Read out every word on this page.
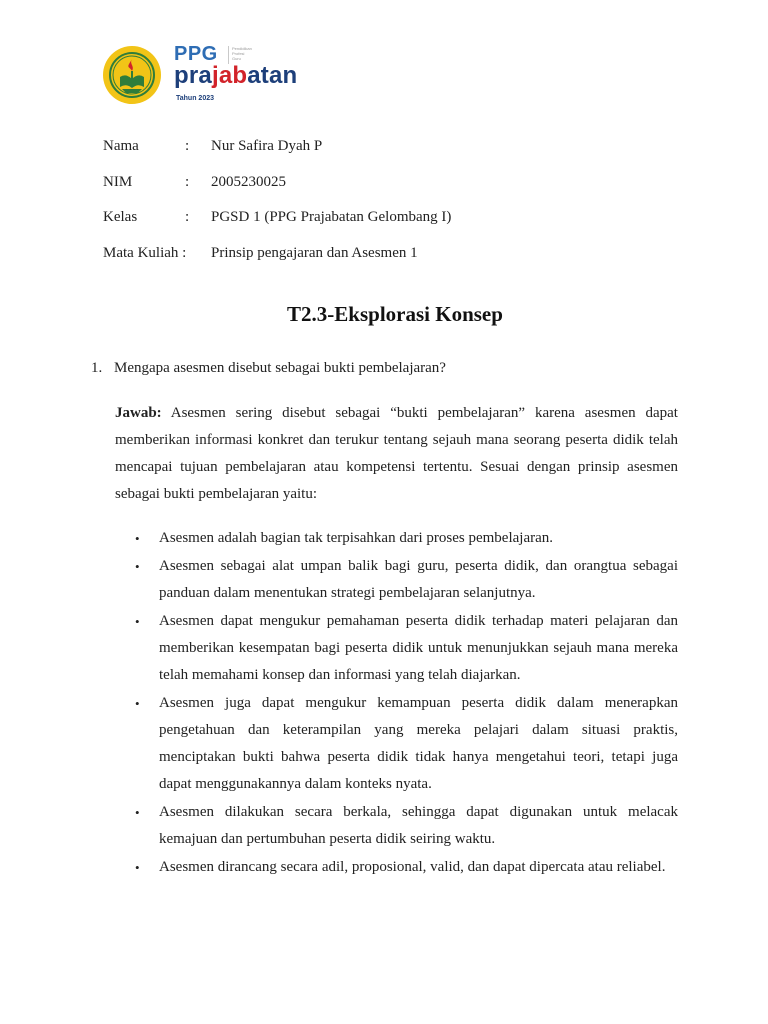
PPG	Pendidikan
Profesi
Guru
prajabatan
Tahun 2023
Nama	: Nur Safira Dyah P
NIM	: 2005230025
Kelas	: PGSD 1 (PPG Prajabatan Gelombang I)
Mata Kuliah : Prinsip pengajaran dan Asesmen 1
T2.3-Eksplorasi Konsep
1. Mengapa asesmen disebut sebagai bukti pembelajaran?
Jawab: Asesmen sering disebut sebagai “bukti pembelajaran” karena asesmen dapat memberikan informasi konkret dan terukur tentang sejauh mana seorang peserta didik telah mencapai tujuan pembelajaran atau kompetensi tertentu. Sesuai dengan prinsip asesmen sebagai bukti pembelajaran yaitu:
• Asesmen adalah bagian tak terpisahkan dari proses pembelajaran.
• Asesmen sebagai alat umpan balik bagi guru, peserta didik, dan orangtua sebagai panduan dalam menentukan strategi pembelajaran selanjutnya.
• Asesmen dapat mengukur pemahaman peserta didik terhadap materi pelajaran dan memberikan kesempatan bagi peserta didik untuk menunjukkan sejauh mana mereka telah memahami konsep dan informasi yang telah diajarkan.
• Asesmen juga dapat mengukur kemampuan peserta didik dalam menerapkan pengetahuan dan keterampilan yang mereka pelajari dalam situasi praktis, menciptakan bukti bahwa peserta didik tidak hanya mengetahui teori, tetapi juga dapat menggunakannya dalam konteks nyata.
• Asesmen dilakukan secara berkala, sehingga dapat digunakan untuk melacak kemajuan dan pertumbuhan peserta didik seiring waktu.
• Asesmen dirancang secara adil, proposional, valid, dan dapat dipercata atau reliabel.
